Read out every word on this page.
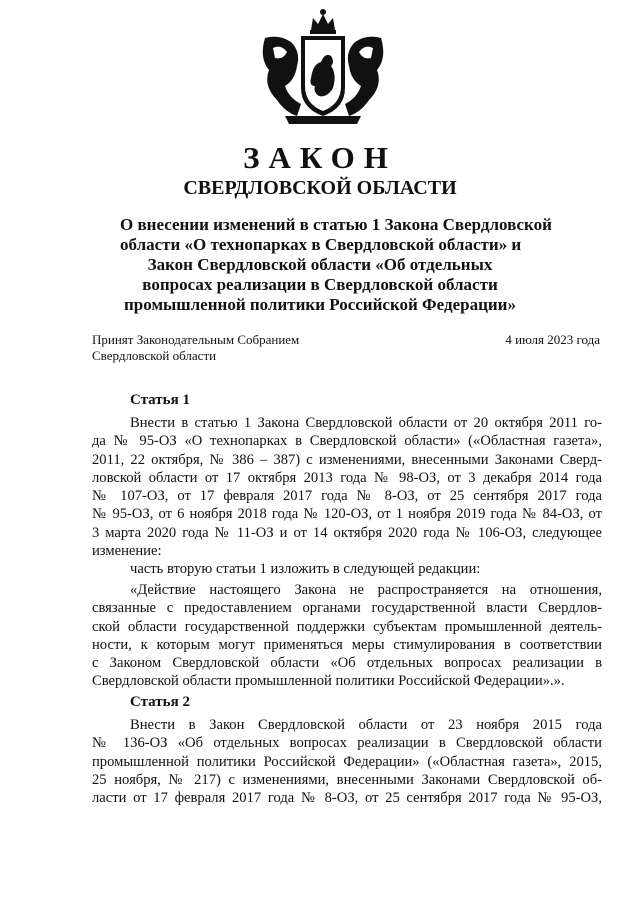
ЗАКОН
СВЕРДЛОВСКОЙ ОБЛАСТИ
О внесении изменений в статью 1 Закона Свердловской
области «О технопарках в Свердловской области» и
Закон Свердловской области «Об отдельных
вопросах реализации в Свердловской области
промышленной политики Российской Федерации»
Принят Законодательным Собранием
Свердловской области
4 июля 2023 года
Статья 1
Внести в статью 1 Закона Свердловской области от 20 октября 2011 го-
да № 95-ОЗ «О технопарках в Свердловской области» («Областная газета»,
2011, 22 октября, № 386 – 387) с изменениями, внесенными Законами Сверд-
ловской области от 17 октября 2013 года № 98-ОЗ, от 3 декабря 2014 года
№ 107-ОЗ, от 17 февраля 2017 года № 8-ОЗ, от 25 сентября 2017 года
№ 95-ОЗ, от 6 ноября 2018 года № 120-ОЗ, от 1 ноября 2019 года № 84-ОЗ, от
3 марта 2020 года № 11-ОЗ и от 14 октября 2020 года № 106-ОЗ, следующее
изменение:
часть вторую статьи 1 изложить в следующей редакции:
«Действие настоящего Закона не распространяется на отношения,
связанные с предоставлением органами государственной власти Свердлов-
ской области государственной поддержки субъектам промышленной деятель-
ности, к которым могут применяться меры стимулирования в соответствии
с Законом Свердловской области «Об отдельных вопросах реализации в
Свердловской области промышленной политики Российской Федерации».».
Статья 2
Внести в Закон Свердловской области от 23 ноября 2015 года
№ 136-ОЗ «Об отдельных вопросах реализации в Свердловской области
промышленной политики Российской Федерации» («Областная газета», 2015,
25 ноября, № 217) с изменениями, внесенными Законами Свердловской об-
ласти от 17 февраля 2017 года № 8-ОЗ, от 25 сентября 2017 года № 95-ОЗ,
